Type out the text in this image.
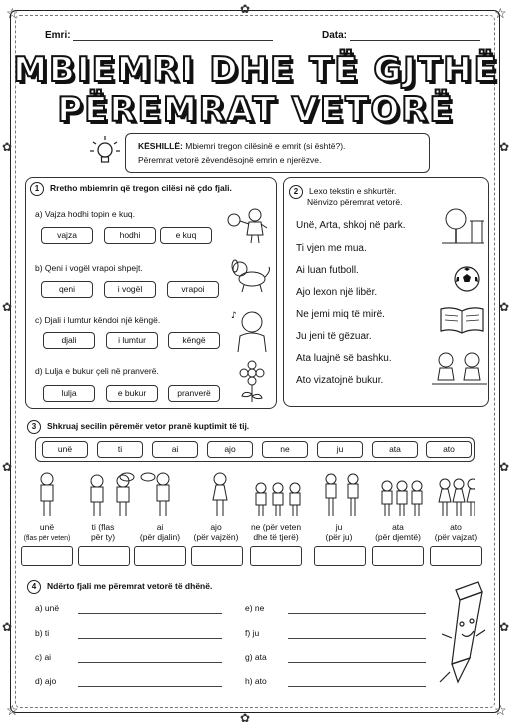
☆	☆
☆	☆
✿
✿
✿
✿
✿
✿
✿
✿
✿
✿
Emri:	Data:
MBIEMRI DHE TË GJTHË
PËREMRAT VETORË
KËSHILLË: Mbiemri tregon cilësinë e emrit (si është?).
Përemrat vetorë zëvendësojnë emrin e njerëzve.
1 Rretho mbiemrin që tregon cilësi në çdo fjali.
a) Vajza hodhi topin e kuq.
vajza	hodhi	e kuq
b) Qeni i vogël vrapoi shpejt.
qeni	i vogël	vrapoi
c) Djali i lumtur këndoi një këngë.
djali	i lumtur	këngë
♪
d) Lulja e bukur çeli në pranverë.
lulja	e bukur	pranverë
2 Lexo tekstin e shkurtër.
Nënvizo përemrat vetorë.
Unë, Arta, shkoj në park.
Ti vjen me mua.
Ai luan futboll.
Ajo lexon një libër.
Ne jemi miq të mirë.
Ju jeni të gëzuar.
Ata luajnë së bashku.
Ato vizatojnë bukur.
3 Shkruaj secilin përemër vetor pranë kuptimit të tij.
unë	ti	ai	ajo	ne	ju	ata	ato
unë
(flas për veten)
ti (flas
për ty)
ai
(për djalin)
ajo
(për vajzën)
ne (për veten
dhe të tjerë)
ju
(për ju)
ata
(për djemtë)
ato
(për vajzat)
4 Ndërto fjali me përemrat vetorë të dhënë.
a) unë
b) ti
c) ai
d) ajo
e) ne
f) ju
g) ata
h) ato
